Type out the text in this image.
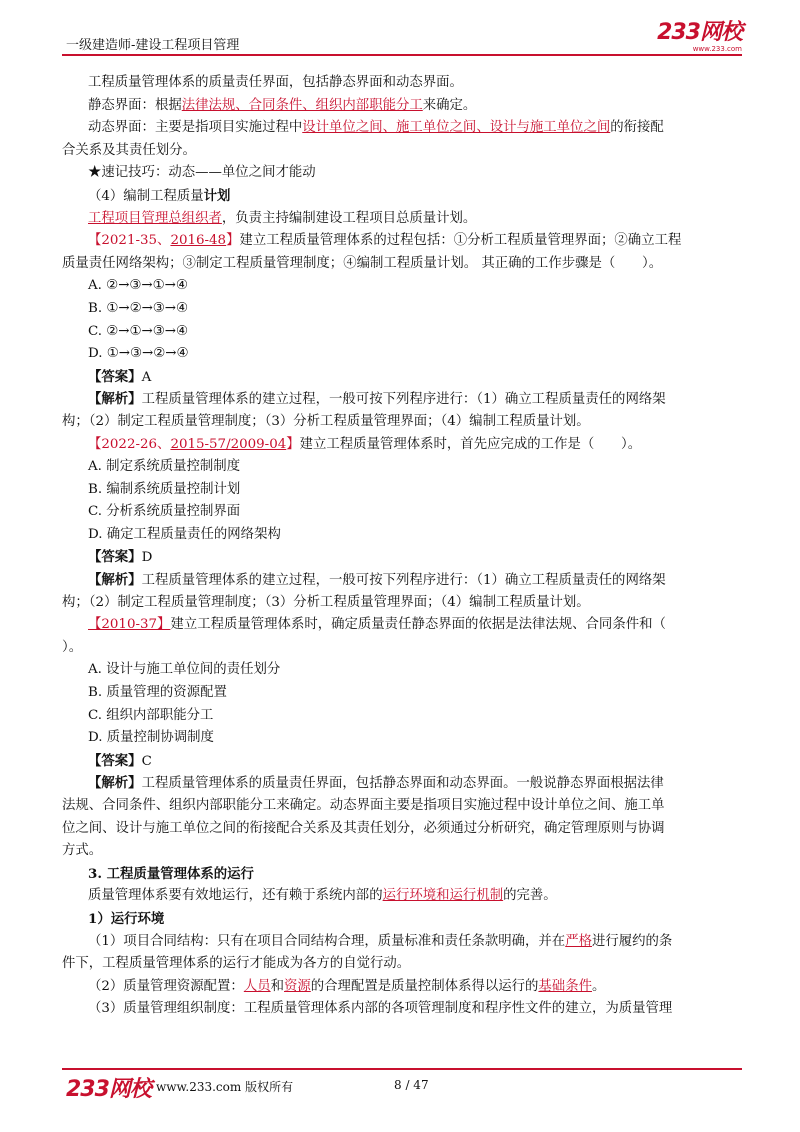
一级建造师-建设工程项目管理
233网校
www.233.com
工程质量管理体系的质量责任界面，包括静态界面和动态界面。
静态界面：根据法律法规、合同条件、组织内部职能分工来确定。
动态界面：主要是指项目实施过程中设计单位之间、施工单位之间、设计与施工单位之间的衔接配
合关系及其责任划分。
★速记技巧：动态——单位之间才能动
（4）编制工程质量计划
工程项目管理总组织者，负责主持编制建设工程项目总质量计划。
【2021-35、2016-48】建立工程质量管理体系的过程包括：①分析工程质量管理界面；②确立工程
质量责任网络架构；③制定工程质量管理制度；④编制工程质量计划。 其正确的工作步骤是（　　）。
A. ②→③→①→④
B. ①→②→③→④
C. ②→①→③→④
D. ①→③→②→④
【答案】A
【解析】工程质量管理体系的建立过程，一般可按下列程序进行：（1）确立工程质量责任的网络架
构；（2）制定工程质量管理制度；（3）分析工程质量管理界面；（4）编制工程质量计划。
【2022-26、2015-57/2009-04】建立工程质量管理体系时，首先应完成的工作是（　　）。
A. 制定系统质量控制制度
B. 编制系统质量控制计划
C. 分析系统质量控制界面
D. 确定工程质量责任的网络架构
【答案】D
【解析】工程质量管理体系的建立过程，一般可按下列程序进行：（1）确立工程质量责任的网络架
构；（2）制定工程质量管理制度；（3）分析工程质量管理界面；（4）编制工程质量计划。
【2010-37】建立工程质量管理体系时，确定质量责任静态界面的依据是法律法规、合同条件和（
）。
A. 设计与施工单位间的责任划分
B. 质量管理的资源配置
C. 组织内部职能分工
D. 质量控制协调制度
【答案】C
【解析】工程质量管理体系的质量责任界面，包括静态界面和动态界面。一般说静态界面根据法律
法规、合同条件、组织内部职能分工来确定。动态界面主要是指项目实施过程中设计单位之间、施工单
位之间、设计与施工单位之间的衔接配合关系及其责任划分，必须通过分析研究，确定管理原则与协调
方式。
3. 工程质量管理体系的运行
质量管理体系要有效地运行，还有赖于系统内部的运行环境和运行机制的完善。
1）运行环境
（1）项目合同结构：只有在项目合同结构合理，质量标准和责任条款明确，并在严格进行履约的条
件下，工程质量管理体系的运行才能成为各方的自觉行动。
（2）质量管理资源配置：人员和资源的合理配置是质量控制体系得以运行的基础条件。
（3）质量管理组织制度：工程质量管理体系内部的各项管理制度和程序性文件的建立，为质量管理
233网校 www.233.com 版权所有	8 / 47
